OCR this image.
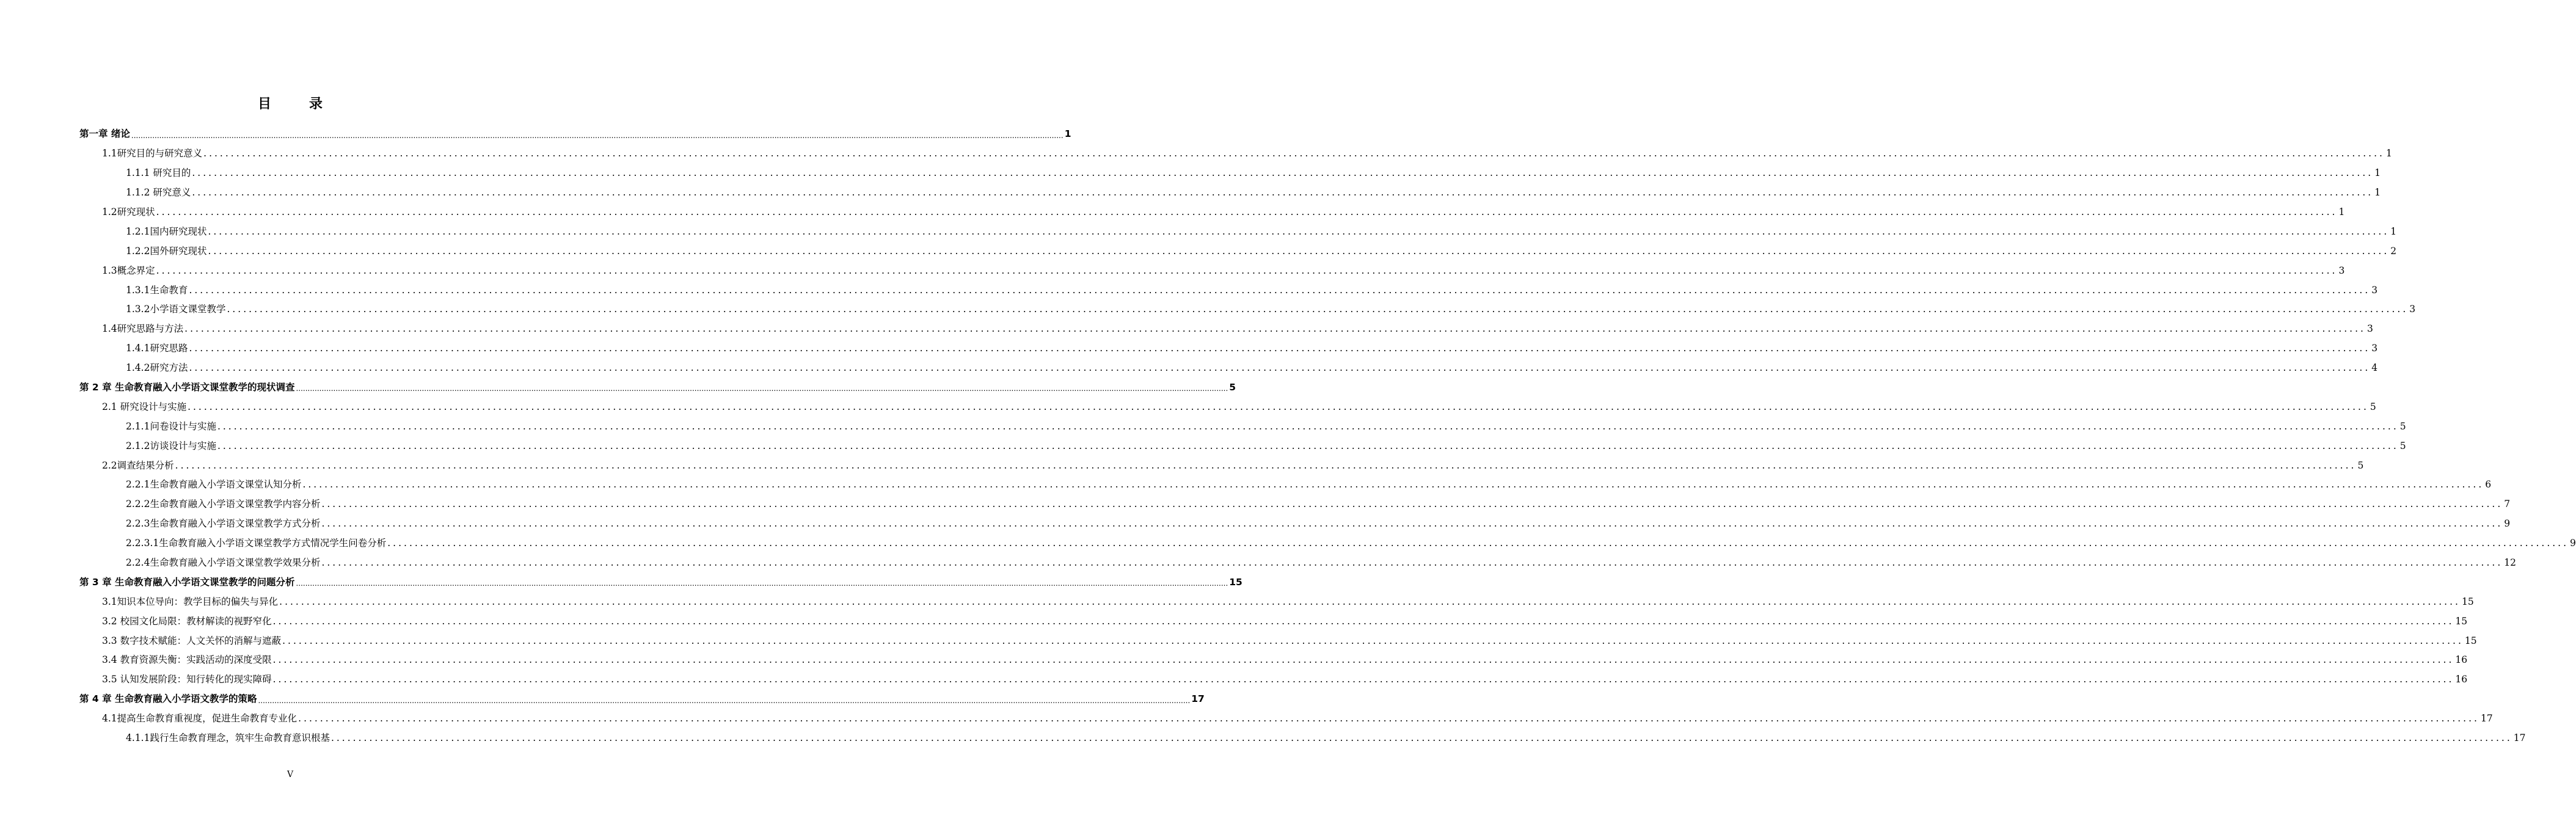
目　录
第一章 绪论 ................................................................................................................................................................................................................................................................................................................................................................................................................ 1
1.1研究目的与研究意义 ................................................................................................................................................................................................................................................................................................................................................................................................................ 1
1.1.1 研究目的 ................................................................................................................................................................................................................................................................................................................................................................................................................ 1
1.1.2 研究意义 ................................................................................................................................................................................................................................................................................................................................................................................................................ 1
1.2研究现状 ................................................................................................................................................................................................................................................................................................................................................................................................................ 1
1.2.1国内研究现状 ................................................................................................................................................................................................................................................................................................................................................................................................................ 1
1.2.2国外研究现状 ................................................................................................................................................................................................................................................................................................................................................................................................................ 2
1.3概念界定 ................................................................................................................................................................................................................................................................................................................................................................................................................ 3
1.3.1生命教育 ................................................................................................................................................................................................................................................................................................................................................................................................................ 3
1.3.2小学语文课堂教学 ................................................................................................................................................................................................................................................................................................................................................................................................................ 3
1.4研究思路与方法 ................................................................................................................................................................................................................................................................................................................................................................................................................ 3
1.4.1研究思路 ................................................................................................................................................................................................................................................................................................................................................................................................................ 3
1.4.2研究方法 ................................................................................................................................................................................................................................................................................................................................................................................................................ 4
第 2 章 生命教育融入小学语文课堂教学的现状调查 ................................................................................................................................................................................................................................................................................................................................................................................................................ 5
2.1 研究设计与实施 ................................................................................................................................................................................................................................................................................................................................................................................................................ 5
2.1.1问卷设计与实施 ................................................................................................................................................................................................................................................................................................................................................................................................................ 5
2.1.2访谈设计与实施 ................................................................................................................................................................................................................................................................................................................................................................................................................ 5
2.2调查结果分析 ................................................................................................................................................................................................................................................................................................................................................................................................................ 5
2.2.1生命教育融入小学语文课堂认知分析 ................................................................................................................................................................................................................................................................................................................................................................................................................ 6
2.2.2生命教育融入小学语文课堂教学内容分析 ................................................................................................................................................................................................................................................................................................................................................................................................................ 7
2.2.3生命教育融入小学语文课堂教学方式分析 ................................................................................................................................................................................................................................................................................................................................................................................................................ 9
2.2.3.1生命教育融入小学语文课堂教学方式情况学生问卷分析 ................................................................................................................................................................................................................................................................................................................................................................................................................ 9
2.2.4生命教育融入小学语文课堂教学效果分析 ................................................................................................................................................................................................................................................................................................................................................................................................................ 12
第 3 章 生命教育融入小学语文课堂教学的问题分析 ................................................................................................................................................................................................................................................................................................................................................................................................................ 15
3.1知识本位导向：教学目标的偏失与异化 ................................................................................................................................................................................................................................................................................................................................................................................................................ 15
3.2 校园文化局限：教材解读的视野窄化 ................................................................................................................................................................................................................................................................................................................................................................................................................ 15
3.3 数字技术赋能：人文关怀的消解与遮蔽 ................................................................................................................................................................................................................................................................................................................................................................................................................ 15
3.4 教育资源失衡：实践活动的深度受限 ................................................................................................................................................................................................................................................................................................................................................................................................................ 16
3.5 认知发展阶段：知行转化的现实障碍 ................................................................................................................................................................................................................................................................................................................................................................................................................ 16
第 4 章 生命教育融入小学语文教学的策略 ................................................................................................................................................................................................................................................................................................................................................................................................................ 17
4.1提高生命教育重视度，促进生命教育专业化 ................................................................................................................................................................................................................................................................................................................................................................................................................ 17
4.1.1践行生命教育理念，筑牢生命教育意识根基 ................................................................................................................................................................................................................................................................................................................................................................................................................ 17
V
